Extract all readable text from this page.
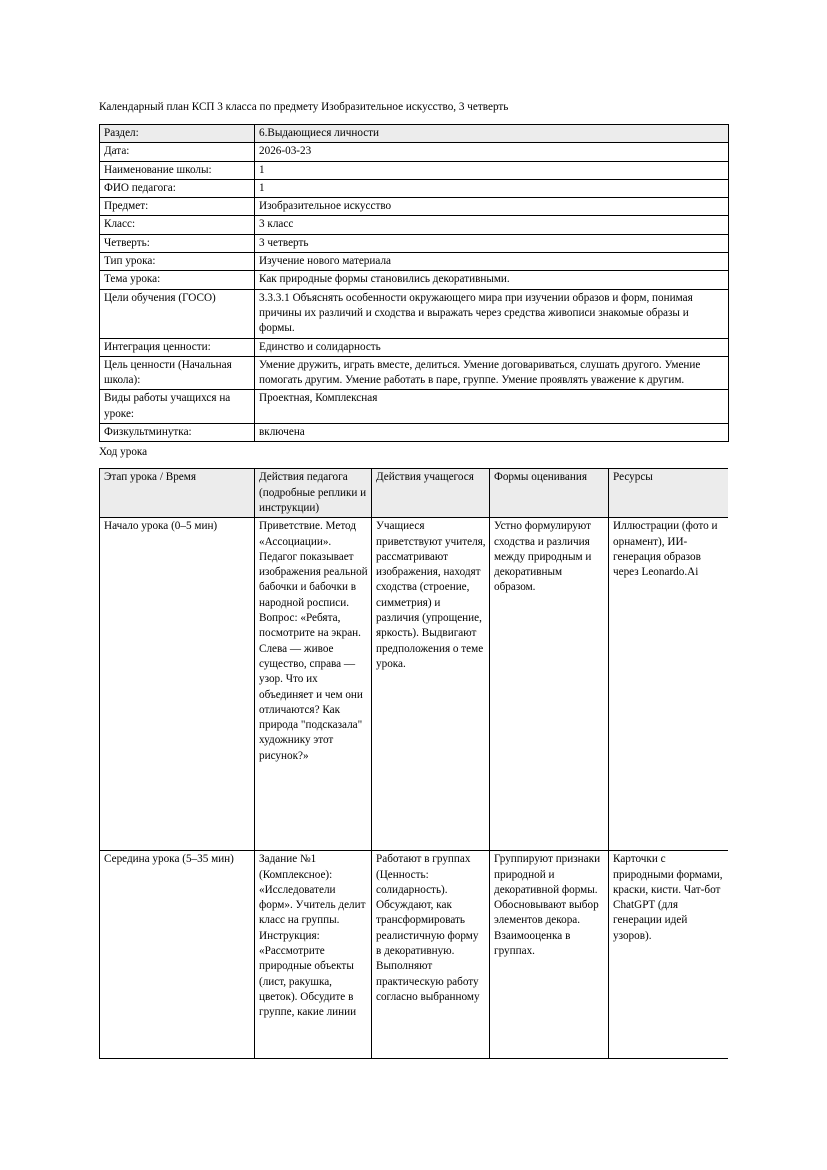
Календарный план КСП 3 класса по предмету Изобразительное искусство, 3 четверть

Раздел:	6.Выдающиеся личности
Дата:	2026-03-23
Наименование школы:	1
ФИО педагога:	1
Предмет:	Изобразительное искусство
Класс:	3 класс
Четверть:	3 четверть
Тип урока:	Изучение нового материала
Тема урока:	Как природные формы становились декоративными.
Цели обучения (ГОСО)	3.3.3.1 Объяснять особенности окружающего мира при изучении образов и форм, понимая причины их различий и сходства и выражать через средства живописи знакомые образы и формы.
Интеграция ценности:	Единство и солидарность
Цель ценности (Начальная школа):	Умение дружить, играть вместе, делиться. Умение договариваться, слушать другого. Умение помогать другим. Умение работать в паре, группе. Умение проявлять уважение к другим.
Виды работы учащихся на уроке:	Проектная, Комплексная
Физкультминутка:	включена

Ход урока

Этап урока / Время	Действия педагога (подробные реплики и инструкции)	Действия учащегося	Формы оценивания	Ресурсы
Начало урока (0–5 мин)	Приветствие. Метод «Ассоциации». Педагог показывает изображения реальной бабочки и бабочки в народной росписи. Вопрос: «Ребята, посмотрите на экран. Слева — живое существо, справа — узор. Что их объединяет и чем они отличаются? Как природа "подсказала" художнику этот рисунок?»	Учащиеся приветствуют учителя, рассматривают изображения, находят сходства (строение, симметрия) и различия (упрощение, яркость). Выдвигают предположения о теме урока.	Устно формулируют сходства и различия между природным и декоративным образом.	Иллюстрации (фото и орнамент), ИИ-генерация образов через Leonardo.Ai
Середина урока (5–35 мин)	Задание №1 (Комплексное): «Исследователи форм». Учитель делит класс на группы. Инструкция: «Рассмотрите природные объекты (лист, ракушка, цветок). Обсудите в группе, какие линии	Работают в группах (Ценность: солидарность). Обсуждают, как трансформировать реалистичную форму в декоративную. Выполняют практическую работу согласно выбранному	Группируют признаки природной и декоративной формы. Обосновывают выбор элементов декора. Взаимооценка в группах.	Карточки с природными формами, краски, кисти. Чат-бот ChatGPT (для генерации идей узоров).
